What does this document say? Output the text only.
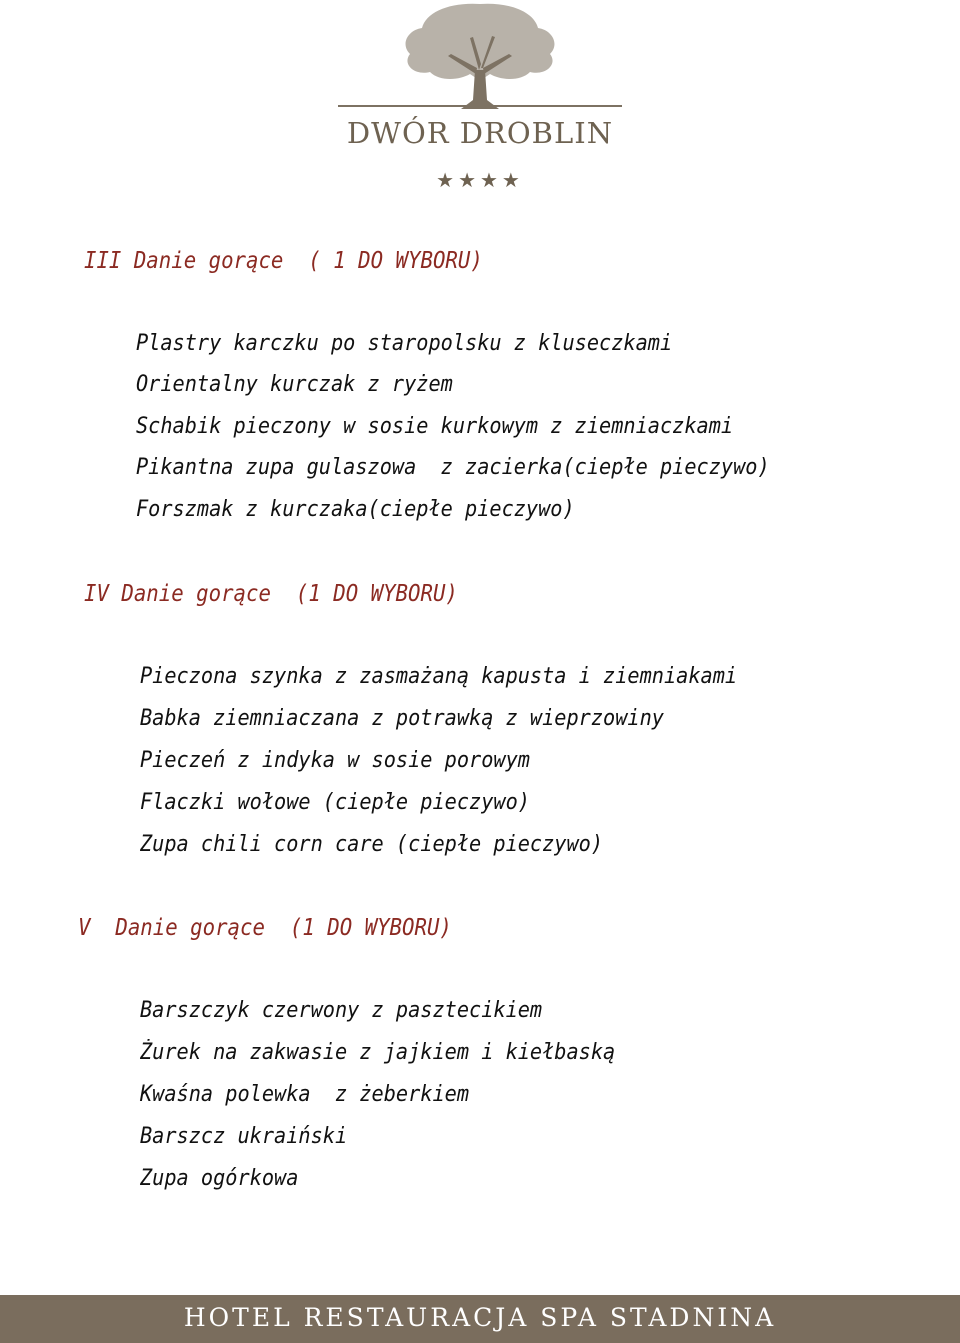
DWÓR DROBLIN
★★★★
III Danie gorące  ( 1 DO WYBORU)
Plastry karczku po staropolsku z kluseczkami
Orientalny kurczak z ryżem
Schabik pieczony w sosie kurkowym z ziemniaczkami
Pikantna zupa gulaszowa  z zacierka(ciepłe pieczywo)
Forszmak z kurczaka(ciepłe pieczywo)
IV Danie gorące  (1 DO WYBORU)
Pieczona szynka z zasmażaną kapusta i ziemniakami
Babka ziemniaczana z potrawką z wieprzowiny
Pieczeń z indyka w sosie porowym
Flaczki wołowe (ciepłe pieczywo)
Zupa chili corn care (ciepłe pieczywo)
V  Danie gorące  (1 DO WYBORU)
Barszczyk czerwony z pasztecikiem
Żurek na zakwasie z jajkiem i kiełbaską
Kwaśna polewka  z żeberkiem
Barszcz ukraiński
Zupa ogórkowa
HOTEL RESTAURACJA SPA STADNINA
